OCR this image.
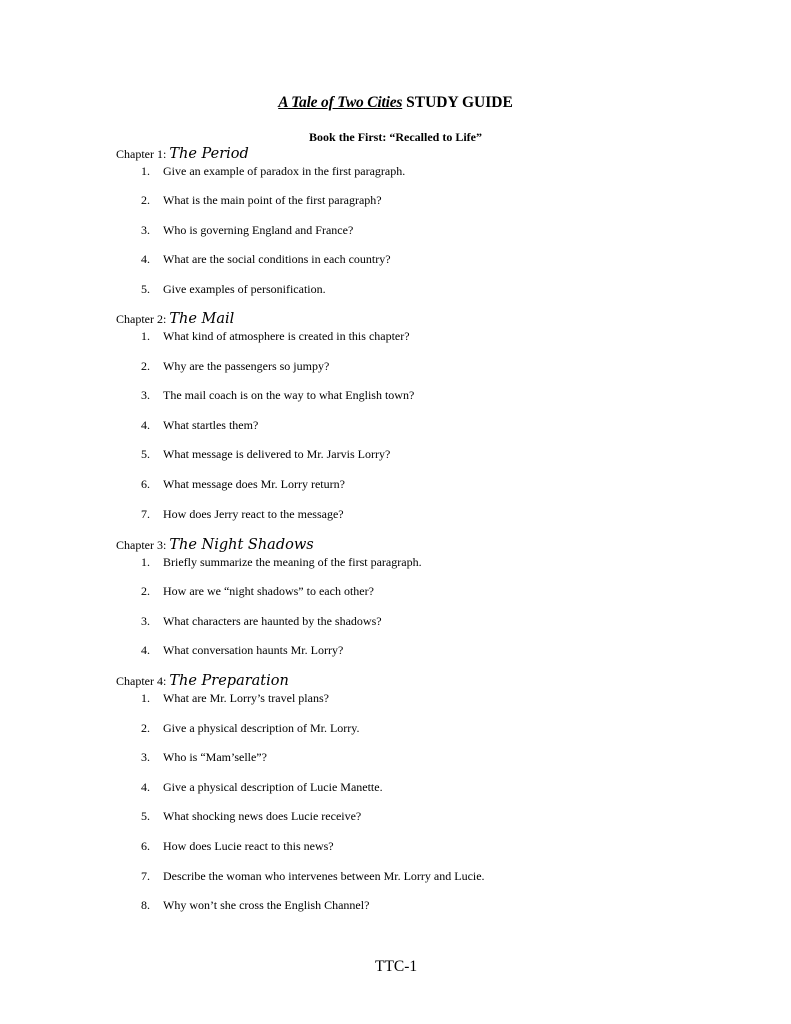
A Tale of Two Cities STUDY GUIDE
Book the First: “Recalled to Life”
Chapter 1: The Period
1. Give an example of paradox in the first paragraph.
2. What is the main point of the first paragraph?
3. Who is governing England and France?
4. What are the social conditions in each country?
5. Give examples of personification.
Chapter 2: The Mail
1. What kind of atmosphere is created in this chapter?
2. Why are the passengers so jumpy?
3. The mail coach is on the way to what English town?
4. What startles them?
5. What message is delivered to Mr. Jarvis Lorry?
6. What message does Mr. Lorry return?
7. How does Jerry react to the message?
Chapter 3: The Night Shadows
1. Briefly summarize the meaning of the first paragraph.
2. How are we “night shadows” to each other?
3. What characters are haunted by the shadows?
4. What conversation haunts Mr. Lorry?
Chapter 4: The Preparation
1. What are Mr. Lorry’s travel plans?
2. Give a physical description of Mr. Lorry.
3. Who is “Mam’selle”?
4. Give a physical description of Lucie Manette.
5. What shocking news does Lucie receive?
6. How does Lucie react to this news?
7. Describe the woman who intervenes between Mr. Lorry and Lucie.
8. Why won’t she cross the English Channel?
TTC-1
